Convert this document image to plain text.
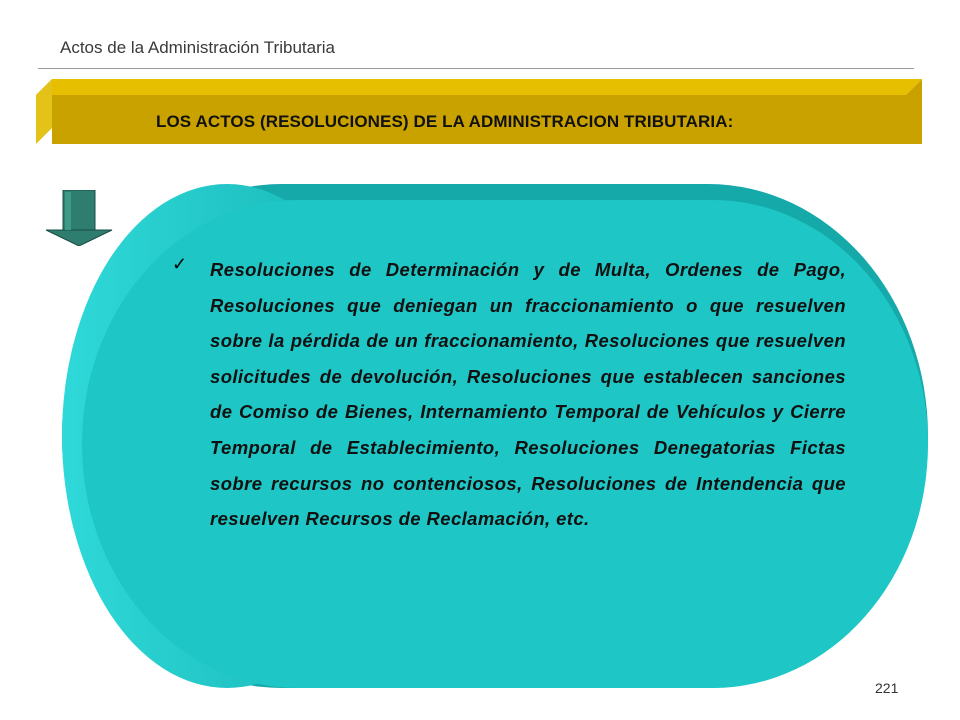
Actos de la Administración Tributaria
LOS ACTOS (RESOLUCIONES) DE LA ADMINISTRACION TRIBUTARIA:
✓ Resoluciones de Determinación y de Multa, Ordenes de Pago, Resoluciones que deniegan un fraccionamiento o que resuelven sobre la pérdida de un fraccionamiento, Resoluciones que resuelven solicitudes de devolución, Resoluciones que establecen sanciones de Comiso de Bienes, Internamiento Temporal de Vehículos y Cierre Temporal de Establecimiento, Resoluciones Denegatorias Fictas sobre recursos no contenciosos, Resoluciones de Intendencia que resuelven Recursos de Reclamación, etc.
221
